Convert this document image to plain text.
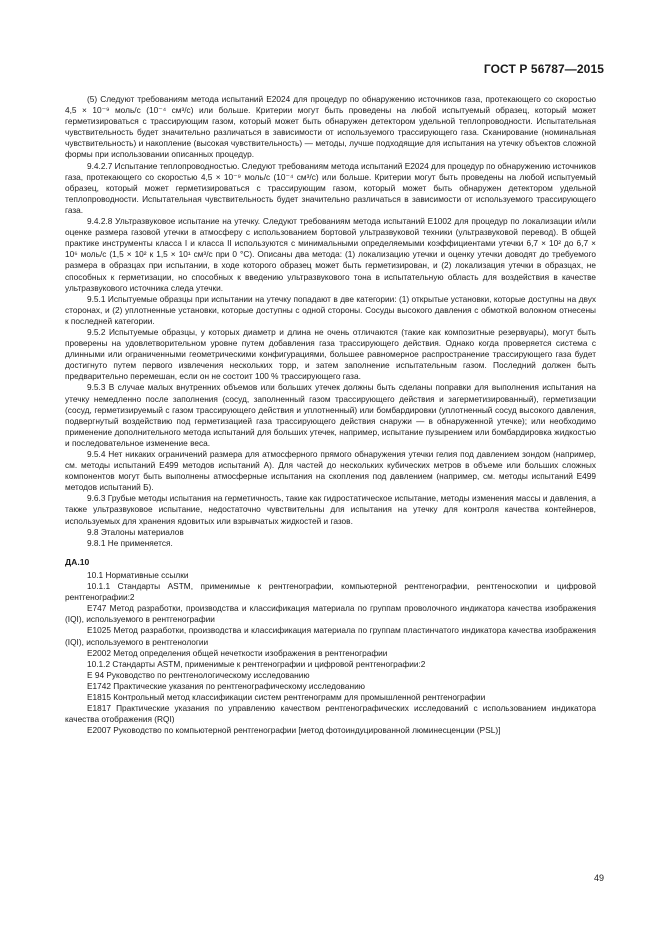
ГОСТ Р 56787—2015

(5) Следуют требованиям метода испытаний Е2024 для процедур по обнаружению источников газа, протекающего со скоростью 4,5 × 10⁻⁹ моль/с (10⁻⁴ см³/с) или больше. Критерии могут быть проведены на любой испытуемый образец, который может герметизироваться с трассирующим газом, который может быть обнаружен детектором удельной теплопроводности. Испытательная чувствительность будет значительно различаться в зависимости от используемого трассирующего газа. Сканирование (номинальная чувствительность) и накопление (высокая чувствительность) — методы, лучше подходящие для испытания на утечку объектов сложной формы при использовании описанных процедур.

9.4.2.7 Испытание теплопроводностью. Следуют требованиям метода испытаний Е2024 для процедур по обнаружению источников газа, протекающего со скоростью 4,5 × 10⁻⁹ моль/с (10⁻⁴ см³/с) или больше. Критерии могут быть проведены на любой испытуемый образец, который может герметизироваться с трассирующим газом, который может быть обнаружен детектором удельной теплопроводности. Испытательная чувствительность будет значительно различаться в зависимости от используемого трассирующего газа.

9.4.2.8 Ультразвуковое испытание на утечку. Следуют требованиям метода испытаний Е1002 для процедур по локализации и/или оценке размера газовой утечки в атмосферу с использованием бортовой ультразвуковой техники (ультразвуковой перевод). В общей практике инструменты класса I и класса II используются с минимальными определяемыми коэффициентами утечки 6,7 × 10² до 6,7 × 10⁶ моль/с (1,5 × 10² к 1,5 × 10¹ см³/с при 0 °С). Описаны два метода: (1) локализацию утечки и оценку утечки доводят до требуемого размера в образцах при испытании, в ходе которого образец может быть герметизирован, и (2) локализация утечки в образцах, не способных к герметизации, но способных к введению ультразвукового тона в испытательную область для воздействия в качестве ультразвукового источника следа утечки.

9.5.1 Испытуемые образцы при испытании на утечку попадают в две категории: (1) открытые установки, которые доступны на двух сторонах, и (2) уплотненные установки, которые доступны с одной стороны. Сосуды высокого давления с обмоткой волокном отнесены к последней категории.

9.5.2 Испытуемые образцы, у которых диаметр и длина не очень отличаются (такие как композитные резервуары), могут быть проверены на удовлетворительном уровне путем добавления газа трассирующего действия. Однако когда проверяется система с длинными или ограниченными геометрическими конфигурациями, большее равномерное распространение трассирующего газа будет достигнуто путем первого извлечения нескольких торр, и затем заполнение испытательным газом. Последний должен быть предварительно перемешан, если он не состоит 100 % трассирующего газа.

9.5.3 В случае малых внутренних объемов или больших утечек должны быть сделаны поправки для выполнения испытания на утечку немедленно после заполнения (сосуд, заполненный газом трассирующего действия и загерметизированный), герметизации (сосуд, герметизируемый с газом трассирующего действия и уплотненный) или бомбардировки (уплотненный сосуд высокого давления, подвергнутый воздействию под герметизацией газа трассирующего действия снаружи — в обнаруженной утечке); или необходимо применение дополнительного метода испытаний для больших утечек, например, испытание пузырением или бомбардировка жидкостью и последовательное изменение веса.

9.5.4 Нет никаких ограничений размера для атмосферного прямого обнаружения утечки гелия под давлением зондом (например, см. методы испытаний Е499 методов испытаний А). Для частей до нескольких кубических метров в объеме или больших сложных компонентов могут быть выполнены атмосферные испытания на скопления под давлением (например, см. методы испытаний Е499 методов испытаний Б).

9.6.3 Грубые методы испытания на герметичность, такие как гидростатическое испытание, методы изменения массы и давления, а также ультразвуковое испытание, недостаточно чувствительны для испытания на утечку для контроля качества контейнеров, используемых для хранения ядовитых или взрывчатых жидкостей и газов.

9.8 Эталоны материалов

9.8.1 Не применяется.

ДА.10

10.1 Нормативные ссылки

10.1.1 Стандарты ASTM, применимые к рентгенографии, компьютерной рентгенографии, рентгеноскопии и цифровой рентгенографии:2

Е747 Метод разработки, производства и классификация материала по группам проволочного индикатора качества изображения (IQI), используемого в рентгенографии

Е1025 Метод разработки, производства и классификация материала по группам пластинчатого индикатора качества изображения (IQI), используемого в рентгенологии

Е2002 Метод определения общей нечеткости изображения в рентгенографии

10.1.2 Стандарты ASTM, применимые к рентгенографии и цифровой рентгенографии:2

Е 94 Руководство по рентгенологическому исследованию

Е1742 Практические указания по рентгенографическому исследованию

Е1815 Контрольный метод классификации систем рентгенограмм для промышленной рентгенографии

Е1817 Практические указания по управлению качеством рентгенографических исследований с использованием индикатора качества отображения (RQI)

Е2007 Руководство по компьютерной рентгенографии [метод фотоиндуцированной люминесценции (PSL)]

49
